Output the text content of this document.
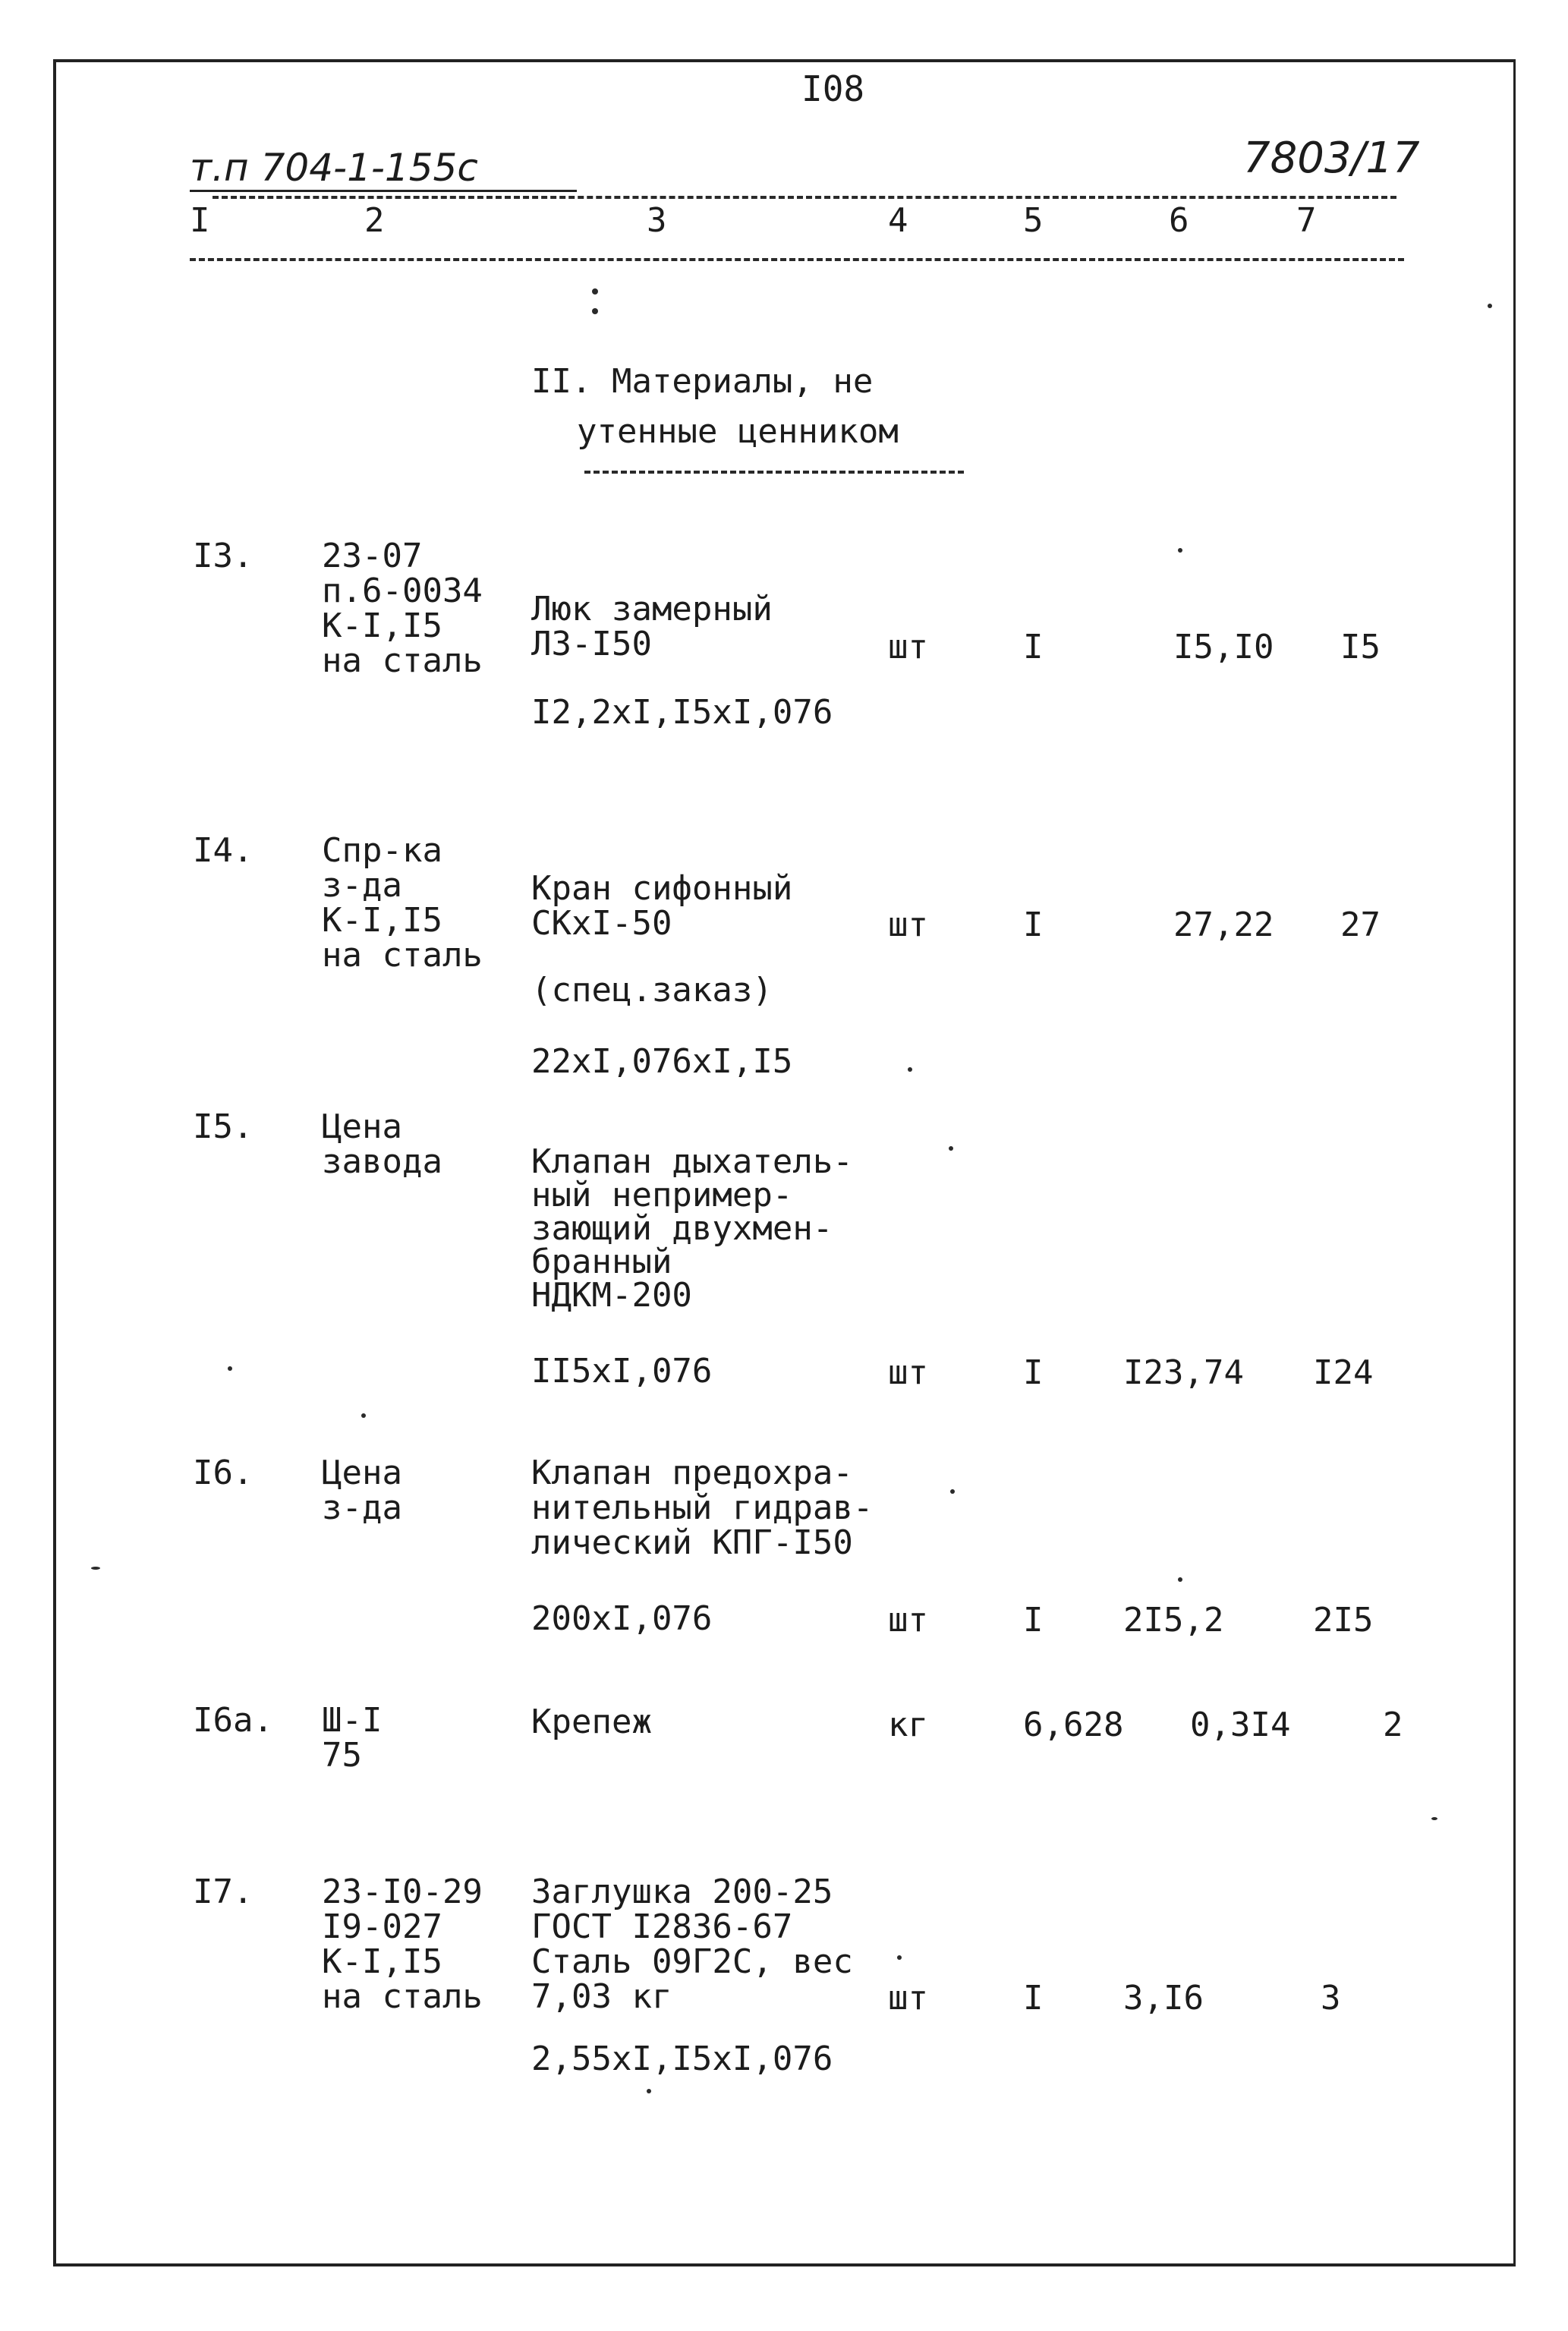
I08
т.п 704-1-155с	7803/17
I	2	3	4	5	6	7
II. Материалы, не
утенные ценником
I3. 23-07
п.6-0034
К-I,I5
на сталь
Люк замерный
ЛЗ-I50	шт	I	I5,I0 I5
I2,2хI,I5хI,076
I4. Спр-ка
з-да
К-I,I5
на сталь
Кран сифонный
СКхI-50	шт	I	27,22 27
(спец.заказ)
22хI,076хI,I5
I5. Цена
завода	Клапан дыхатель-
ный непример-
зающий двухмен-
бранный
НДКМ-200
II5хI,076	шт	I I23,74 I24
I6. Цена
з-да
Клапан предохра-
нительный гидрав-
лический КПГ-I50
200хI,076	шт	I 2I5,2	2I5
I6а. Ш-I
75
Крепеж	кг	6,628 0,3I4	2
I7. 23-I0-29
I9-027
К-I,I5
на сталь
Заглушка 200-25
ГОСТ I2836-67
Сталь 09Г2С, вес
7,03 кг	шт	I 3,I6	3
2,55хI,I5хI,076
